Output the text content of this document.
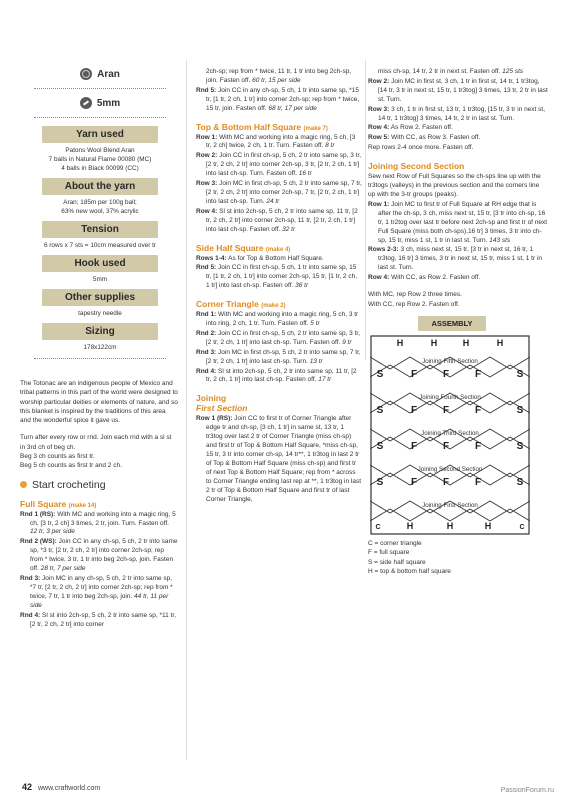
Aran
5mm
Yarn used
Patons Wool Blend Aran
7 balls in Natural Flame 00080 (MC)
4 balls in Black 00099 (CC)
About the yarn
Aran; 185m per 100g ball;
63% new wool, 37% acrylic
Tension
6 rows x 7 sts = 10cm measured over tr
Hook used
5mm
Other supplies
tapestry needle
Sizing
178x122cm

The Totonac are an indigenous people of Mexico and tribal patterns in this part of the world were designed to worship particular deities or elements of nature, and so this blanket is inspired by the traditions of this area and the wonderful spice it gave us.

Turn after every row or rnd. Join each rnd with a sl st in 3rd ch of beg ch.

Beg 3 ch counts as first tr.
Beg 5 ch counts as first tr and 2 ch.
Start crocheting
Full Square (make 14)

Rnd 1 (RS): With MC and working into a magic ring, 5 ch, [3 tr, 2 ch] 3 times, 2 tr, join. Turn. Fasten off. 12 tr, 3 per side

Rnd 2 (WS): Join CC in any ch-sp, 5 ch, 2 tr into same sp, *3 tr, [2 tr, 2 ch, 2 tr] into corner 2ch-sp; rep from * twice, 3 tr, 1 tr into beg 2ch-sp, join. Fasten off. 28 tr, 7 per side

Rnd 3: Join MC in any ch-sp, 5 ch, 2 tr into same sp, *7 tr, [2 tr, 2 ch, 2 tr] into corner 2ch-sp; rep from * twice, 7 tr, 1 tr into beg 2ch-sp, join. 44 tr, 11 per side

Rnd 4: Sl st into 2ch-sp, 5 ch, 2 tr into same sp, *11 tr, [2 tr, 2 ch, 2 tr] into corner

2ch-sp; rep from * twice, 11 tr, 1 tr into beg 2ch-sp, join. Fasten off. 60 tr, 15 per side

Rnd 5: Join CC in any ch-sp, 5 ch, 1 tr into same sp, *15 tr, [1 tr, 2 ch, 1 tr] into corner 2ch-sp; rep from * twice, 15 tr, join. Fasten off. 68 tr, 17 per side

Top & Bottom Half Square (make 7)

Row 1: With MC and working into a magic ring, 5 ch, [3 tr, 2 ch] twice, 2 ch, 1 tr. Turn. Fasten off. 8 tr

Row 2: Join CC in first ch-sp, 5 ch, 2 tr into same sp, 3 tr, [2 tr, 2 ch, 2 tr] into corner 2ch-sp, 3 tr, [2 tr, 2 ch, 1 tr] into last ch-sp. Turn. Fasten off. 16 tr

Row 3: Join MC in first ch-sp, 5 ch, 2 tr into same sp, 7 tr, [2 tr, 2 ch, 2 tr] into corner 2ch-sp, 7 tr, [2 tr, 2 ch, 1 tr] into last ch-sp. Turn. 24 tr

Row 4: Sl st into 2ch-sp, 5 ch, 2 tr into same sp, 11 tr, [2 tr, 2 ch, 2 tr] into corner 2ch-sp, 11 tr, [2 tr, 2 ch, 1 tr] into last ch-sp. Fasten off. 32 tr

Side Half Square (make 4)

Rows 1-4: As for Top & Bottom Half Square.

Rnd 5: Join CC in first ch-sp, 5 ch, 1 tr into same sp, 15 tr, [1 tr, 2 ch, 1 tr] into corner 2ch-sp, 15 tr, [1 tr, 2 ch, 1 tr] into last ch-sp. Fasten off. 36 tr

Corner Triangle (make 2)

Rnd 1: With MC and working into a magic ring, 5 ch, 3 tr into ring, 2 ch, 1 tr. Turn. Fasten off. 5 tr

Rnd 2: Join CC in first ch-sp, 5 ch, 2 tr into same sp, 3 tr, [2 tr, 2 ch, 1 tr] into last ch-sp. Turn. Fasten off. 9 tr

Rnd 3: Join MC in first ch-sp, 5 ch, 2 tr into same sp, 7 tr, [2 tr, 2 ch, 1 tr] into last ch-sp. Turn. 13 tr

Rnd 4: Sl st into 2ch-sp, 5 ch, 2 tr into same sp, 11 tr, [2 tr, 2 ch, 1 tr] into last ch-sp. Fasten off. 17 tr

Joining
First Section

Row 1 (RS): Join CC to first tr of Corner Triangle after edge tr and ch-sp, [3 ch, 1 tr] in same st, 13 tr, 1 tr3tog over last 2 tr of Corner Triangle (miss ch-sp) and first tr of Top & Bottom Half Square, *miss ch-sp, 15 tr, 3 tr into corner ch-sp, 14 tr**, 1 tr3tog in last 2 tr of Top & Bottom Half Square (miss ch-sp) and first tr of next Top & Bottom Half Square; rep from * across to Corner Triangle ending last rep at **, 1 tr3tog in last 2 tr of Top & Bottom Half Square and first tr of last Corner Triangle,

miss ch-sp, 14 tr, 2 tr in next st. Fasten off. 125 sts

Row 2: Join MC in first st, 3 ch, 1 tr in first st, 14 tr, 1 tr3tog, [14 tr, 3 tr in next st, 15 tr, 1 tr3tog] 3 times, 13 tr, 2 tr in last st. Turn.

Row 3: 3 ch, 1 tr in first st, 13 tr, 1 tr3tog, [15 tr, 3 tr in next st, 14 tr, 1 tr3tog] 3 times, 14 tr, 2 tr in last st. Turn.

Row 4: As Row 2. Fasten off.

Row 5: With CC, as Row 3. Fasten off.

Rep rows 2-4 once more. Fasten off.

Joining Second Section

Sew next Row of Full Squares so the ch-sps line up with the tr3togs (valleys) in the previous section and the corners line up with the 3-tr groups (peaks).

Row 1: Join MC to first tr of Full Square at RH edge that is after the ch-sp, 3 ch, miss next st, 15 tr, [3 tr into ch-sp, 16 tr, 1 tr2tog over last tr before next 2ch-sp and first tr of next Full Square (miss both ch-sps),16 tr] 3 times, 3 tr into ch-sp, 15 tr, miss 1 st, 1 tr in last st. Turn. 143 sts

Rows 2-3: 3 ch, miss next st, 15 tr, [3 tr in next st, 16 tr, 1 tr3tog, 16 tr] 3 times, 3 tr in next st, 15 tr, miss 1 st, 1 tr in last st. Turn.

Row 4: With CC, as Row 2. Fasten off.

With MC, rep Row 2 three times.

With CC, rep Row 2. Fasten off.

ASSEMBLY
Joining Fifth Section
Joining Fourth Section
Joining Third Section
Joining Second Section
Joining First Section
H	H	H	H
S	S
F	F	F
S	S
F	F	F
S	S
F	F	F
S	S
F	F	F
C	H	H	H	C
C = corner triangle
F = full square
S = side half square
H = top & bottom half square
42 www.craftworld.com	PassionForum.ru
